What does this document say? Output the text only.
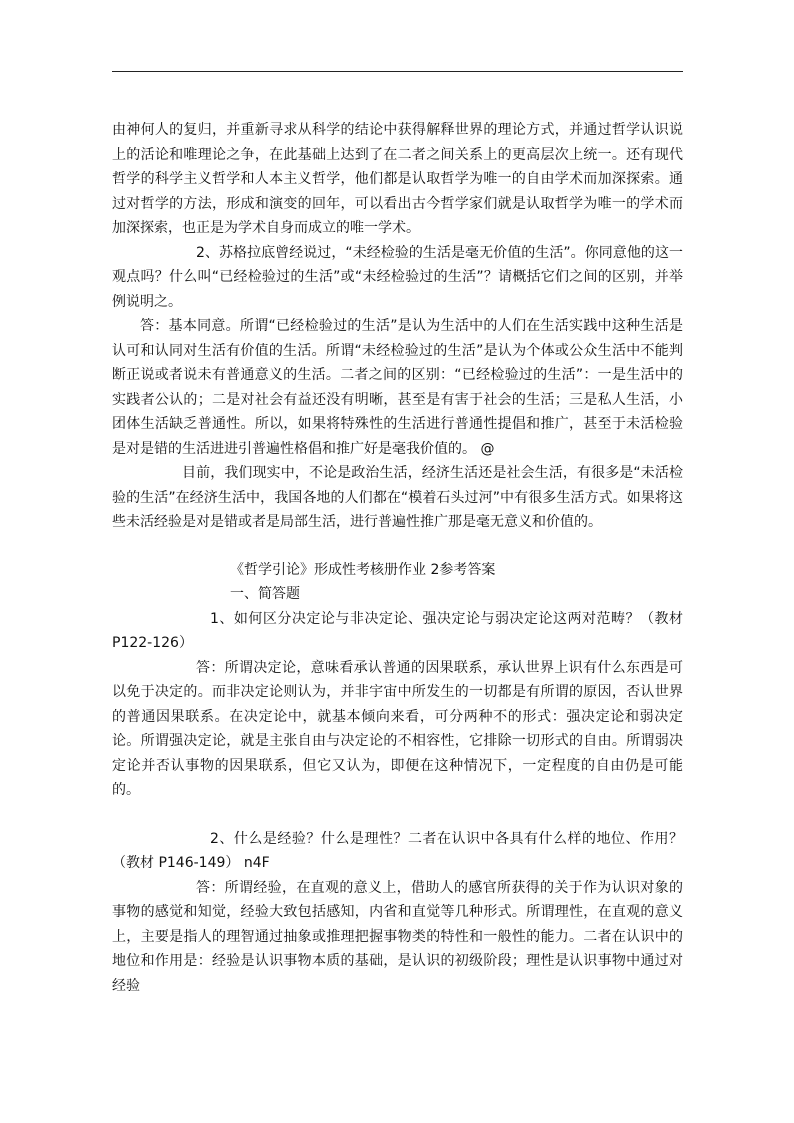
由神何人的复归，并重新寻求从科学的结论中获得解释世界的理论方式，并通过哲学认识说上的活论和唯理论之争，在此基础上达到了在二者之间关系上的更高层次上统一。还有现代哲学的科学主义哲学和人本主义哲学，他们都是认取哲学为唯一的自由学术而加深探索。通过对哲学的方法，形成和演变的回年，可以看出古今哲学家们就是认取哲学为唯一的学术而加深探索，也正是为学术自身而成立的唯一学术。

2、苏格拉底曾经说过，“未经检验的生活是毫无价值的生活”。你同意他的这一观点吗？什么叫“已经检验过的生活”或“未经检验过的生活”？请概括它们之间的区别，并举例说明之。

答：基本同意。所谓“已经检验过的生活”是认为生活中的人们在生活实践中这种生活是认可和认同对生活有价值的生活。所谓“未经检验过的生活”是认为个体或公众生活中不能判断正说或者说未有普通意义的生活。二者之间的区别：“已经检验过的生活”：一是生活中的实践者公认的；二是对社会有益还没有明晰，甚至是有害于社会的生活；三是私人生活，小团体生活缺乏普通性。所以，如果将特殊性的生活进行普通性提倡和推广，甚至于未活检验是对是错的生活进进引普遍性格倡和推广好是毫我价值的。 @

目前，我们现实中，不论是政治生活，经济生活还是社会生活，有很多是“未活检验的生活”在经济生活中，我国各地的人们都在“模着石头过河”中有很多生活方式。如果将这些未活经验是对是错或者是局部生活，进行普遍性推广那是毫无意义和价值的。

《哲学引论》形成性考核册作业 2参考答案

一、简答题

1、如何区分决定论与非决定论、强决定论与弱决定论这两对范畴？（教材 P122-126）

答：所谓决定论，意味看承认普通的因果联系，承认世界上识有什么东西是可以免于决定的。而非决定论则认为，并非宇宙中所发生的一切都是有所谓的原因，否认世界的普通因果联系。在决定论中，就基本倾向来看，可分两种不的形式：强决定论和弱决定论。所谓强决定论，就是主张自由与决定论的不相容性，它排除一切形式的自由。所谓弱决定论并否认事物的因果联系，但它又认为，即便在这种情况下，一定程度的自由仍是可能的。

2、什么是经验？什么是理性？二者在认识中各具有什么样的地位、作用？（教材 P146-149） n4F

答：所谓经验，在直观的意义上，借助人的感官所获得的关于作为认识对象的事物的感觉和知觉，经验大致包括感知，内省和直觉等几种形式。所谓理性，在直观的意义上，主要是指人的理智通过抽象或推理把握事物类的特性和一般性的能力。二者在认识中的地位和作用是：经验是认识事物本质的基础，是认识的初级阶段；理性是认识事物中通过对经验
